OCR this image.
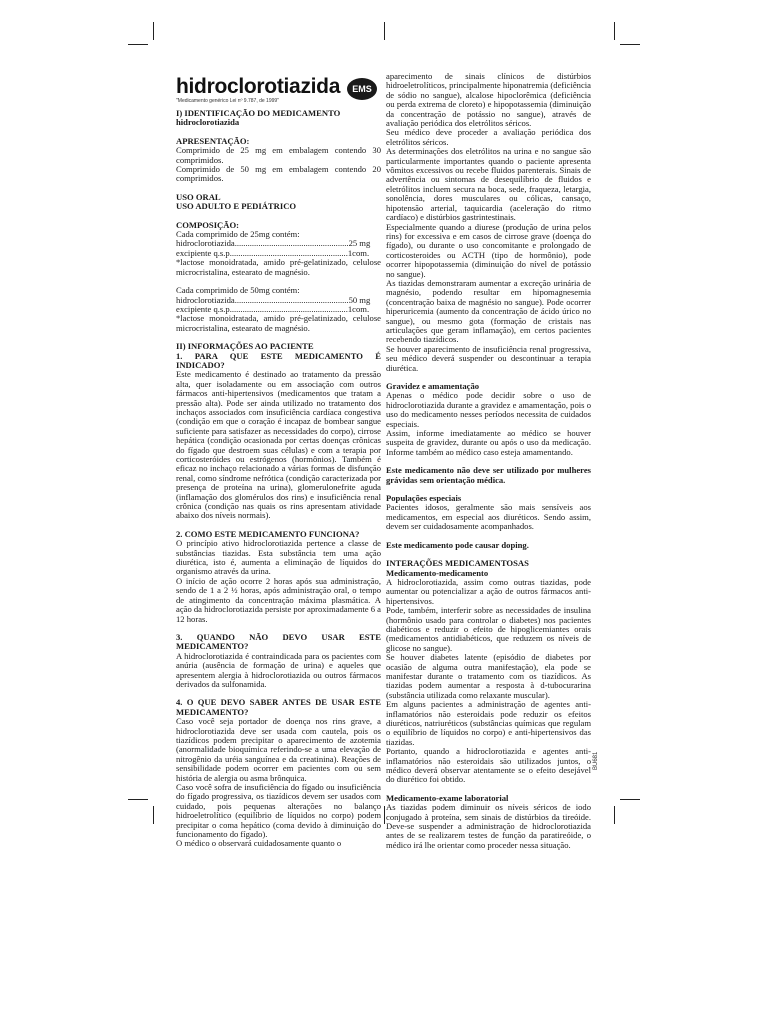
hidroclorotiazida
"Medicamento genérico Lei nº 9.787, de 1999"
EMS

I) IDENTIFICAÇÃO DO MEDICAMENTO

hidroclorotiazida

APRESENTAÇÃO:

Comprimido de 25 mg em embalagem contendo 30 comprimidos.

Comprimido de 50 mg em embalagem contendo 20 comprimidos.

USO ORAL

USO ADULTO E PEDIÁTRICO

COMPOSIÇÃO:

Cada comprimido de 25mg contém:

hidroclorotiazida.....................................................25 mg

excipiente q.s.p.......................................................1com.

*lactose monoidratada, amido pré-gelatinizado, celulose microcristalina, estearato de magnésio.

Cada comprimido de 50mg contém:

hidroclorotiazida.....................................................50 mg

excipiente q.s.p.......................................................1com.

*lactose monoidratada, amido pré-gelatinizado, celulose microcristalina, estearato de magnésio.

II) INFORMAÇÕES AO PACIENTE

1. PARA QUE ESTE MEDICAMENTO É INDICADO?

Este medicamento é destinado ao tratamento da pressão alta, quer isoladamente ou em associação com outros fármacos anti-hipertensivos (medicamentos que tratam a pressão alta). Pode ser ainda utilizado no tratamento dos inchaços associados com insuficiência cardíaca congestiva (condição em que o coração é incapaz de bombear sangue suficiente para satisfazer as necessidades do corpo), cirrose hepática (condição ocasionada por certas doenças crônicas do fígado que destroem suas células) e com a terapia por corticosteróides ou estrógenos (hormônios). Também é eficaz no inchaço relacionado a várias formas de disfunção renal, como síndrome nefrótica (condição caracterizada por presença de proteína na urina), glomerulonefrite aguda (inflamação dos glomérulos dos rins) e insuficiência renal crônica (condição nas quais os rins apresentam atividade abaixo dos níveis normais).

2. COMO ESTE MEDICAMENTO FUNCIONA?

O princípio ativo hidroclorotiazida pertence a classe de substâncias tiazidas. Esta substância tem uma ação diurética, isto é, aumenta a eliminação de líquidos do organismo através da urina.

O início de ação ocorre 2 horas após sua administração, sendo de 1 a 2 ½ horas, após administração oral, o tempo de atingimento da concentração máxima plasmática. A ação da hidroclorotiazida persiste por aproximadamente 6 a 12 horas.

3. QUANDO NÃO DEVO USAR ESTE MEDICAMENTO?

A hidroclorotiazida é contraindicada para os pacientes com anúria (ausência de formação de urina) e aqueles que apresentem alergia à hidroclorotiazida ou outros fármacos derivados da sulfonamida.

4. O QUE DEVO SABER ANTES DE USAR ESTE MEDICAMENTO?

Caso você seja portador de doença nos rins grave, a hidroclorotiazida deve ser usada com cautela, pois os tiazídicos podem precipitar o aparecimento de azotemia (anormalidade bioquímica referindo-se a uma elevação de nitrogênio da uréia sanguínea e da creatinina). Reações de sensibilidade podem ocorrer em pacientes com ou sem história de alergia ou asma brônquica.

Caso você sofra de insuficiência do fígado ou insuficiência do fígado progressiva, os tiazídicos devem ser usados com cuidado, pois pequenas alterações no balanço hidroeletrolítico (equilíbrio de líquidos no corpo) podem precipitar o coma hepático (coma devido à diminuição do funcionamento do fígado).

O médico o observará cuidadosamente quanto o

aparecimento de sinais clínicos de distúrbios hidroeletrolíticos, principalmente hiponatremia (deficiência de sódio no sangue), alcalose hipoclorêmica (deficiência ou perda extrema de cloreto) e hipopotassemia (diminuição da concentração de potássio no sangue), através de avaliação periódica dos eletrólitos séricos.

Seu médico deve proceder a avaliação periódica dos eletrólitos séricos.

As determinações dos eletrólitos na urina e no sangue são particularmente importantes quando o paciente apresenta vômitos excessivos ou recebe fluidos parenterais. Sinais de advertência ou sintomas de desequilíbrio de fluidos e eletrólitos incluem secura na boca, sede, fraqueza, letargia, sonolência, dores musculares ou cólicas, cansaço, hipotensão arterial, taquicardia (aceleração do ritmo cardíaco) e distúrbios gastrintestinais.

Especialmente quando a diurese (produção de urina pelos rins) for excessiva e em casos de cirrose grave (doença do fígado), ou durante o uso concomitante e prolongado de corticosteroides ou ACTH (tipo de hormônio), pode ocorrer hipopotassemia (diminuição do nível de potássio no sangue).

As tiazidas demonstraram aumentar a excreção urinária de magnésio, podendo resultar em hipomagnesemia (concentração baixa de magnésio no sangue). Pode ocorrer hiperuricemia (aumento da concentração de ácido úrico no sangue), ou mesmo gota (formação de cristais nas articulações que geram inflamação), em certos pacientes recebendo tiazídicos.

Se houver aparecimento de insuficiência renal progressiva, seu médico deverá suspender ou descontinuar a terapia diurética.

Gravidez e amamentação

Apenas o médico pode decidir sobre o uso de hidroclorotiazida durante a gravidez e amamentação, pois o uso do medicamento nesses períodos necessita de cuidados especiais.

Assim, informe imediatamente ao médico se houver suspeita de gravidez, durante ou após o uso da medicação. Informe também ao médico caso esteja amamentando.

Este medicamento não deve ser utilizado por mulheres grávidas sem orientação médica.

Populações especiais

Pacientes idosos, geralmente são mais sensíveis aos medicamentos, em especial aos diuréticos. Sendo assim, devem ser cuidadosamente acompanhados.

Este medicamento pode causar doping.

INTERAÇÕES MEDICAMENTOSAS

Medicamento-medicamento

A hidroclorotiazida, assim como outras tiazidas, pode aumentar ou potencializar a ação de outros fármacos anti-hipertensivos.

Pode, também, interferir sobre as necessidades de insulina (hormônio usado para controlar o diabetes) nos pacientes diabéticos e reduzir o efeito de hipoglicemiantes orais (medicamentos antidiabéticos, que reduzem os níveis de glicose no sangue).

Se houver diabetes latente (episódio de diabetes por ocasião de alguma outra manifestação), ela pode se manifestar durante o tratamento com os tiazídicos. As tiazidas podem aumentar a resposta à d-tubocurarina (substância utilizada como relaxante muscular).

Em alguns pacientes a administração de agentes anti-inflamatórios não esteroidais pode reduzir os efeitos diuréticos, natriuréticos (substâncias químicas que regulam o equilíbrio de líquidos no corpo) e anti-hipertensivos das tiazidas.

Portanto, quando a hidroclorotiazida e agentes anti-inflamatórios não esteroidais são utilizados juntos, o médico deverá observar atentamente se o efeito desejável do diurético foi obtido.

Medicamento-exame laboratorial

As tiazidas podem diminuir os níveis séricos de iodo conjugado à proteína, sem sinais de distúrbios da tireóide. Deve-se suspender a administração de hidroclorotiazida antes de se realizarem testes de função da paratireóide, o médico irá lhe orientar como proceder nessa situação.

BU681
